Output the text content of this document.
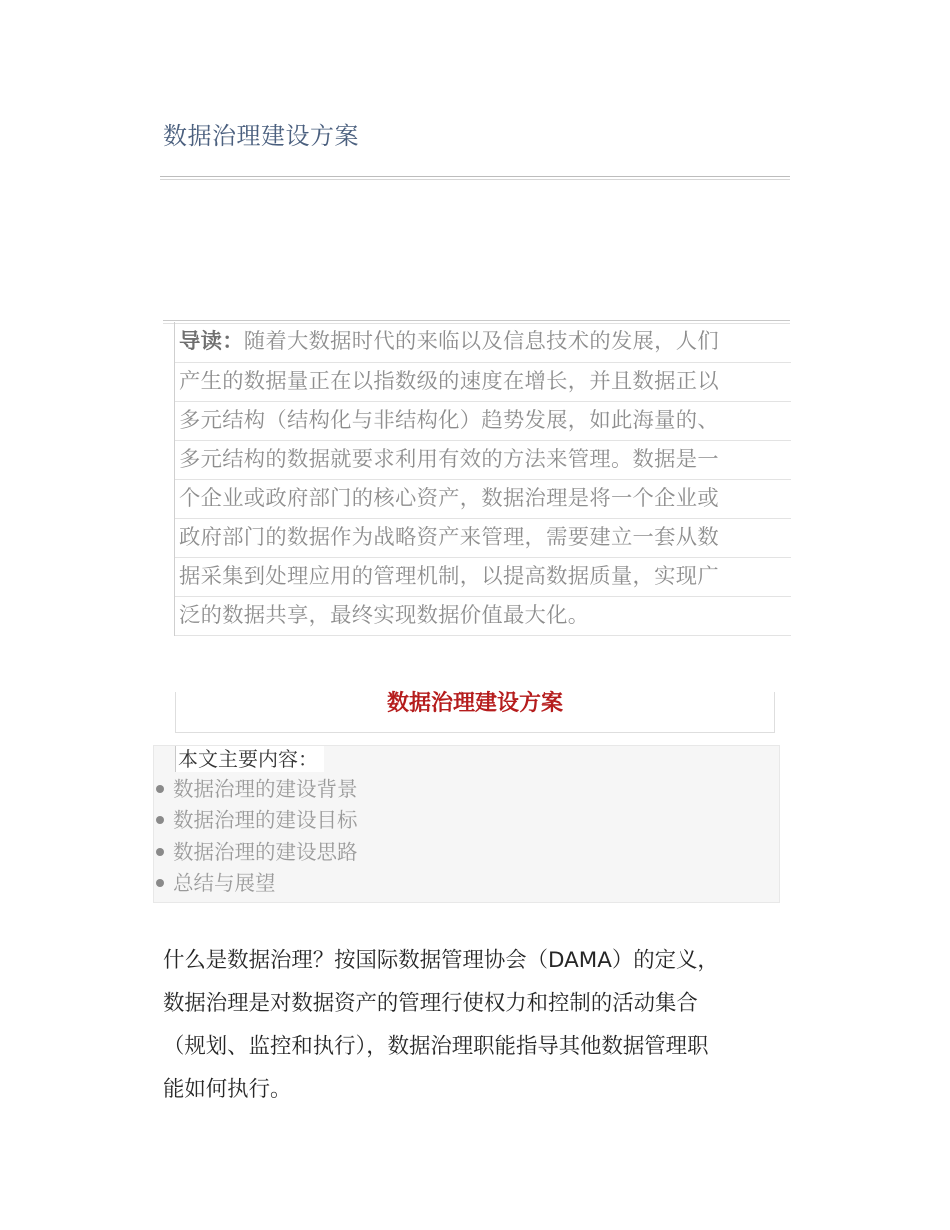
数据治理建设方案
导读：随着大数据时代的来临以及信息技术的发展，人们
产生的数据量正在以指数级的速度在增长，并且数据正以
多元结构（结构化与非结构化）趋势发展，如此海量的、
多元结构的数据就要求利用有效的方法来管理。数据是一
个企业或政府部门的核心资产，数据治理是将一个企业或
政府部门的数据作为战略资产来管理，需要建立一套从数
据采集到处理应用的管理机制，以提高数据质量，实现广
泛的数据共享，最终实现数据价值最大化。
数据治理建设方案
本文主要内容：
数据治理的建设背景
数据治理的建设目标
数据治理的建设思路
总结与展望
什么是数据治理？按国际数据管理协会（DAMA）的定义，
数据治理是对数据资产的管理行使权力和控制的活动集合
（规划、监控和执行），数据治理职能指导其他数据管理职
能如何执行。
